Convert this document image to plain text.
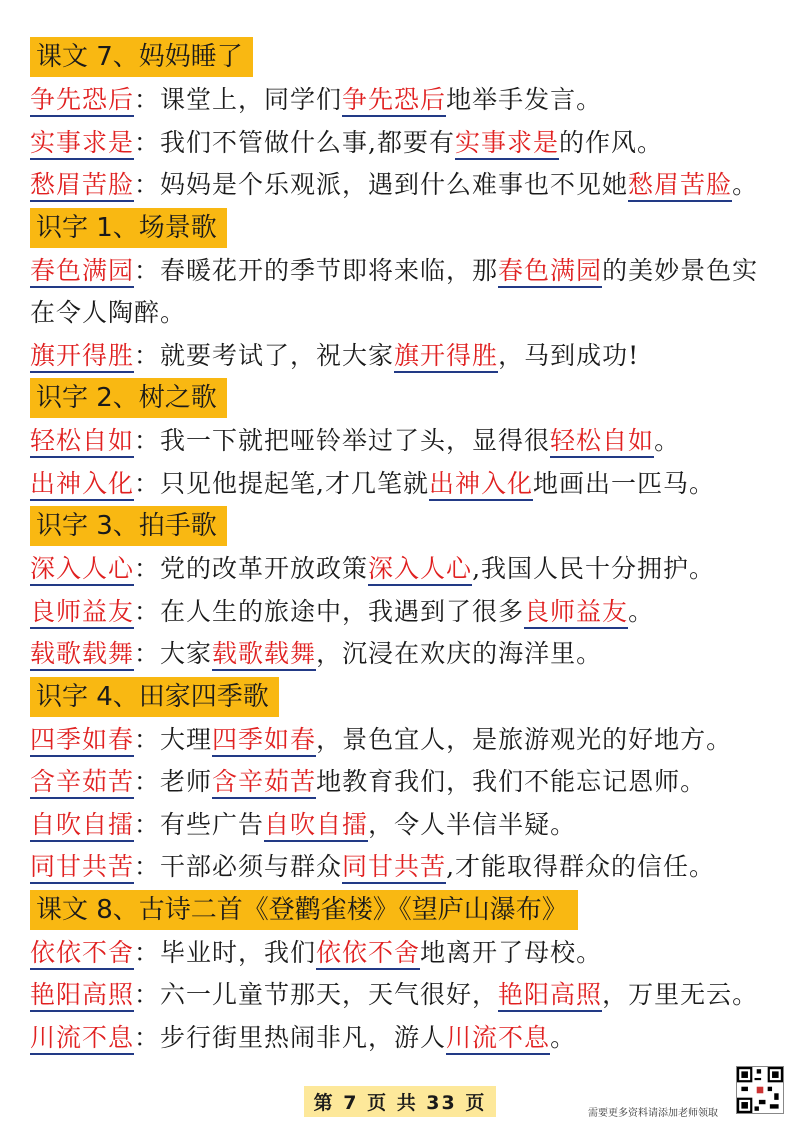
课文 7、妈妈睡了
争先恐后：课堂上，同学们争先恐后地举手发言。
实事求是：我们不管做什么事,都要有实事求是的作风。
愁眉苦脸：妈妈是个乐观派，遇到什么难事也不见她愁眉苦脸。
识字 1、场景歌
春色满园：春暖花开的季节即将来临，那春色满园的美妙景色实在令人陶醉。
旗开得胜：就要考试了，祝大家旗开得胜，马到成功!
识字 2、树之歌
轻松自如：我一下就把哑铃举过了头，显得很轻松自如。
出神入化：只见他提起笔,才几笔就出神入化地画出一匹马。
识字 3、拍手歌
深入人心：党的改革开放政策深入人心,我国人民十分拥护。
良师益友：在人生的旅途中，我遇到了很多良师益友。
载歌载舞：大家载歌载舞，沉浸在欢庆的海洋里。
识字 4、田家四季歌
四季如春：大理四季如春，景色宜人，是旅游观光的好地方。
含辛茹苦：老师含辛茹苦地教育我们，我们不能忘记恩师。
自吹自擂：有些广告自吹自擂，令人半信半疑。
同甘共苦：干部必须与群众同甘共苦,才能取得群众的信任。
课文 8、古诗二首《登鹳雀楼》《望庐山瀑布》
依依不舍：毕业时，我们依依不舍地离开了母校。
艳阳高照：六一儿童节那天，天气很好，艳阳高照，万里无云。
川流不息：步行街里热闹非凡，游人川流不息。
第 7 页 共 33 页	需要更多资料请添加老师领取
